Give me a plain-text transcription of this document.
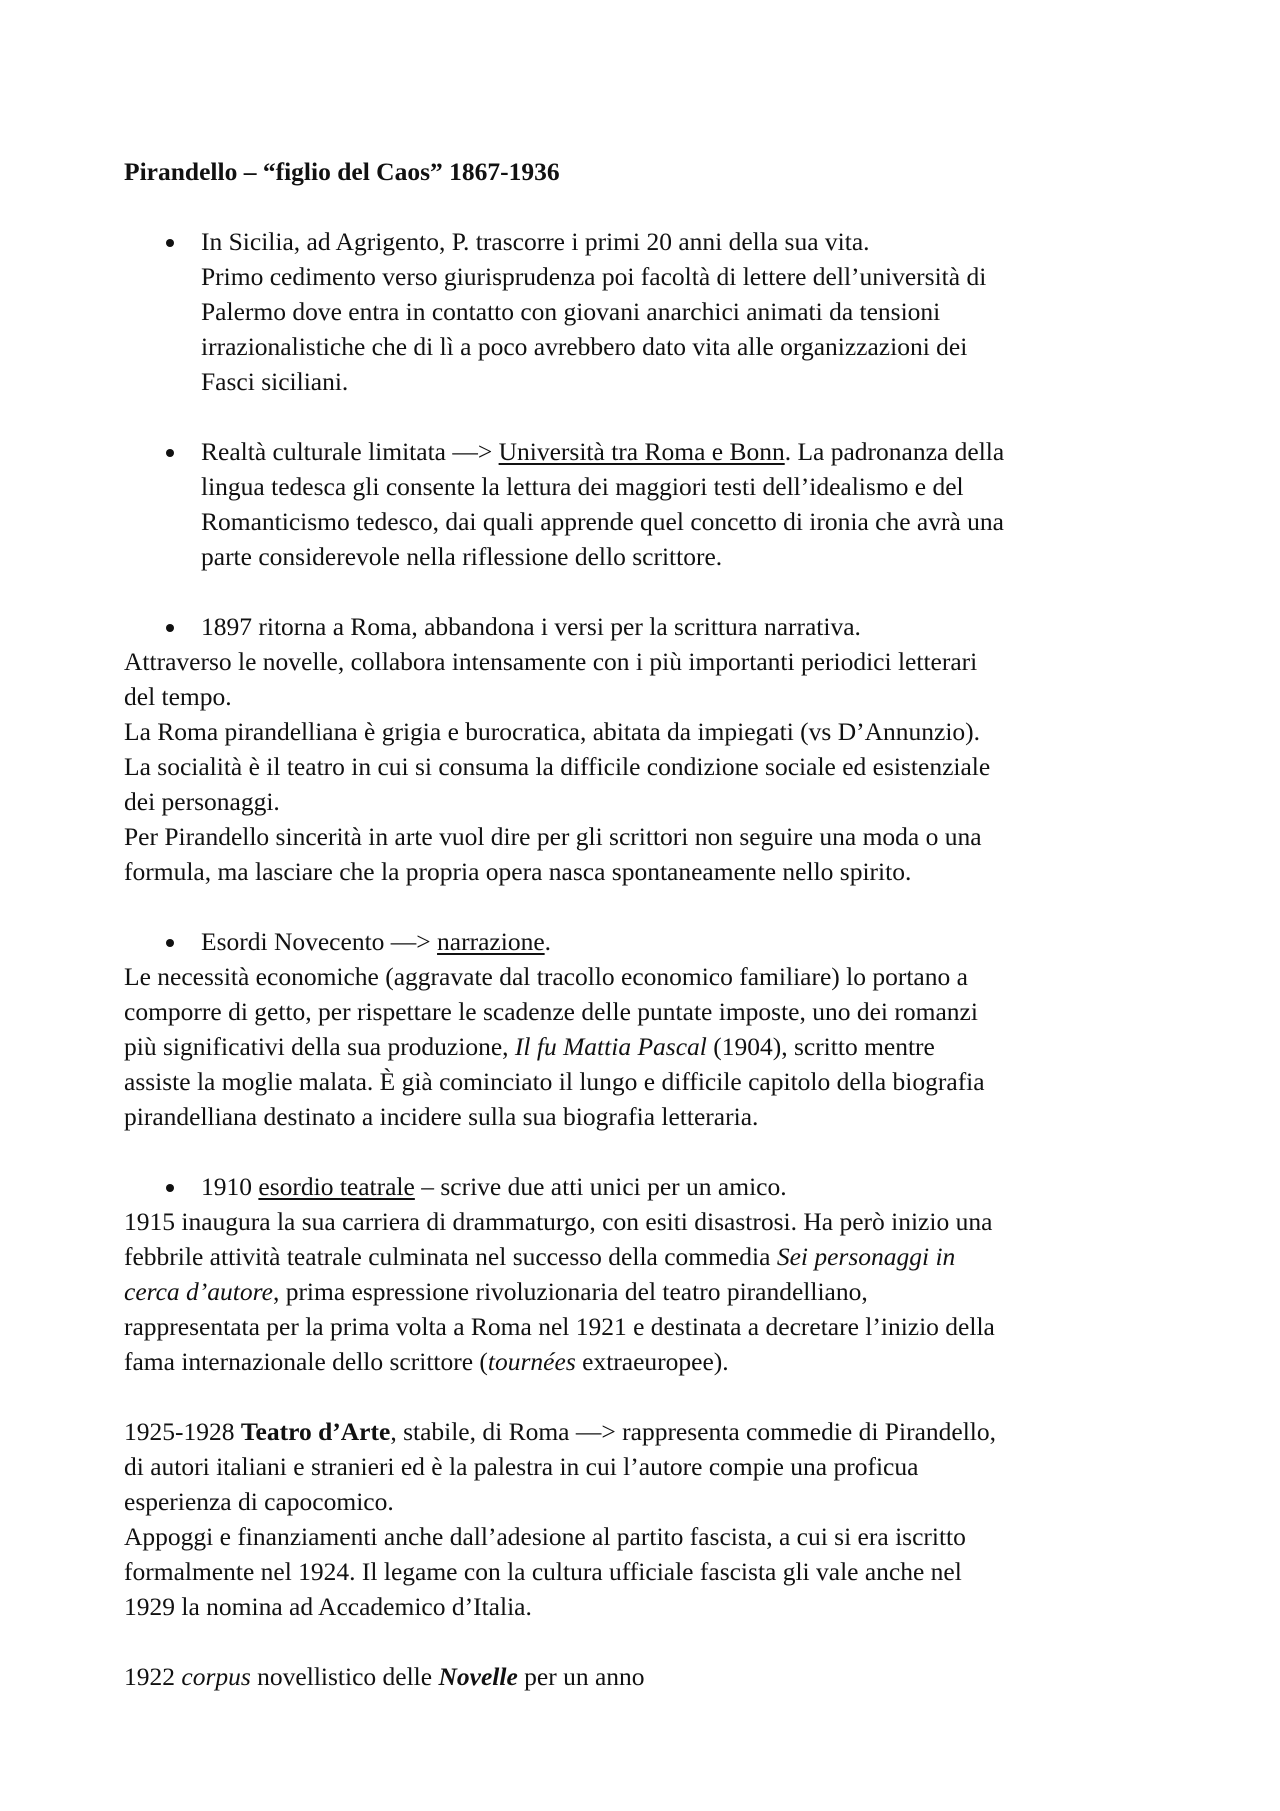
Pirandello – “figlio del Caos” 1867-1936
In Sicilia, ad Agrigento, P. trascorre i primi 20 anni della sua vita.
Primo cedimento verso giurisprudenza poi facoltà di lettere dell’università di
Palermo dove entra in contatto con giovani anarchici animati da tensioni
irrazionalistiche che di lì a poco avrebbero dato vita alle organizzazioni dei
Fasci siciliani.
Realtà culturale limitata —> Università tra Roma e Bonn. La padronanza della
lingua tedesca gli consente la lettura dei maggiori testi dell’idealismo e del
Romanticismo tedesco, dai quali apprende quel concetto di ironia che avrà una
parte considerevole nella riflessione dello scrittore.
1897 ritorna a Roma, abbandona i versi per la scrittura narrativa.
Attraverso le novelle, collabora intensamente con i più importanti periodici letterari
del tempo.
La Roma pirandelliana è grigia e burocratica, abitata da impiegati (vs D’Annunzio).
La socialità è il teatro in cui si consuma la difficile condizione sociale ed esistenziale
dei personaggi.
Per Pirandello sincerità in arte vuol dire per gli scrittori non seguire una moda o una
formula, ma lasciare che la propria opera nasca spontaneamente nello spirito.
Esordi Novecento —> narrazione.
Le necessità economiche (aggravate dal tracollo economico familiare) lo portano a
comporre di getto, per rispettare le scadenze delle puntate imposte, uno dei romanzi
più significativi della sua produzione, Il fu Mattia Pascal (1904), scritto mentre
assiste la moglie malata. È già cominciato il lungo e difficile capitolo della biografia
pirandelliana destinato a incidere sulla sua biografia letteraria.
1910 esordio teatrale – scrive due atti unici per un amico.
1915 inaugura la sua carriera di drammaturgo, con esiti disastrosi. Ha però inizio una
febbrile attività teatrale culminata nel successo della commedia Sei personaggi in
cerca d’autore, prima espressione rivoluzionaria del teatro pirandelliano,
rappresentata per la prima volta a Roma nel 1921 e destinata a decretare l’inizio della
fama internazionale dello scrittore (tournées extraeuropee).
1925-1928 Teatro d’Arte, stabile, di Roma —> rappresenta commedie di Pirandello,
di autori italiani e stranieri ed è la palestra in cui l’autore compie una proficua
esperienza di capocomico.
Appoggi e finanziamenti anche dall’adesione al partito fascista, a cui si era iscritto
formalmente nel 1924. Il legame con la cultura ufficiale fascista gli vale anche nel
1929 la nomina ad Accademico d’Italia.
1922 corpus novellistico delle Novelle per un anno
